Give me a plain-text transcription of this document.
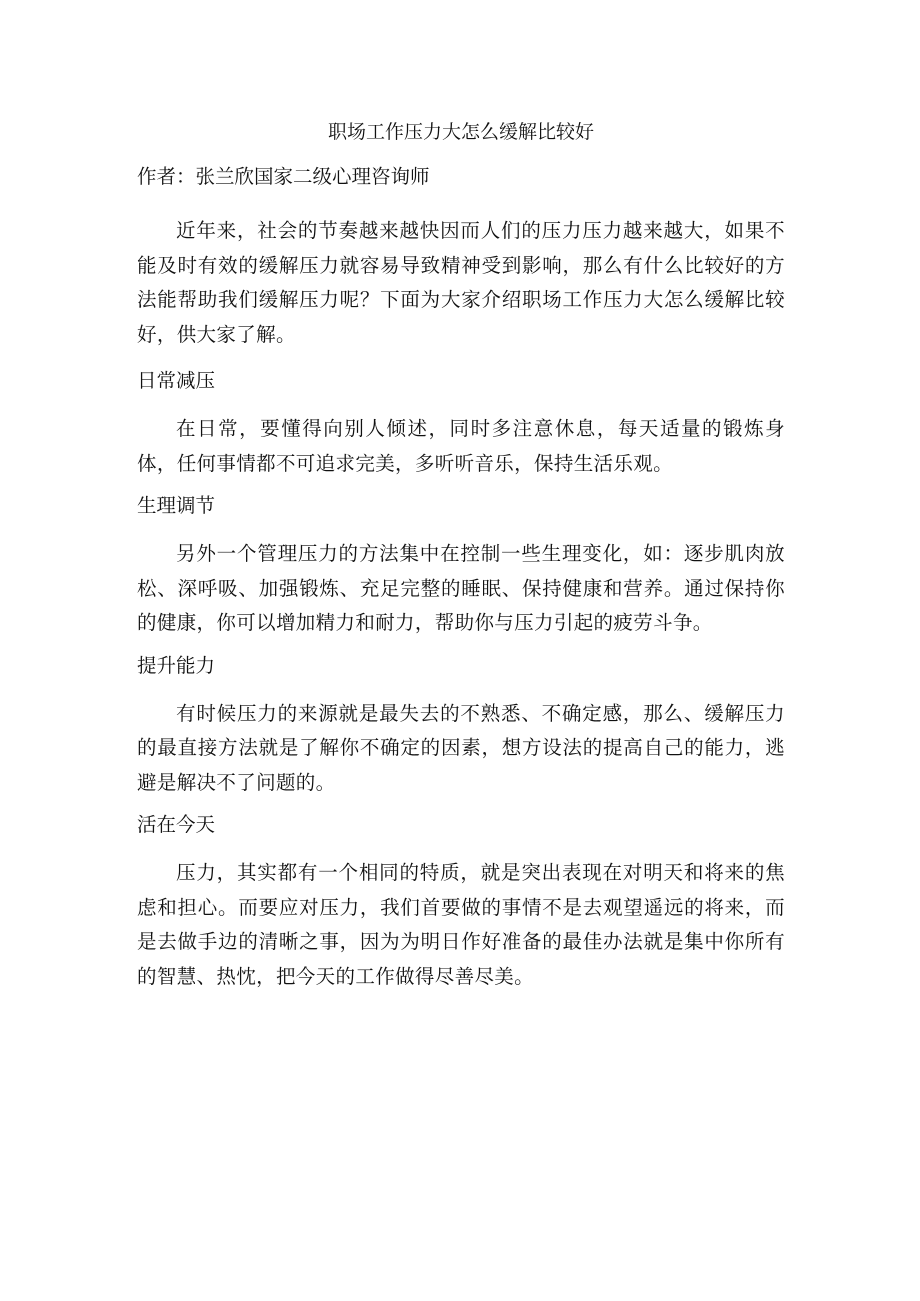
职场工作压力大怎么缓解比较好
作者：张兰欣国家二级心理咨询师

近年来，社会的节奏越来越快因而人们的压力压力越来越大，如果不能及时有效的缓解压力就容易导致精神受到影响，那么有什么比较好的方法能帮助我们缓解压力呢？下面为大家介绍职场工作压力大怎么缓解比较好，供大家了解。

日常减压

在日常，要懂得向别人倾述，同时多注意休息，每天适量的锻炼身体，任何事情都不可追求完美，多听听音乐，保持生活乐观。

生理调节

另外一个管理压力的方法集中在控制一些生理变化，如：逐步肌肉放松、深呼吸、加强锻炼、充足完整的睡眠、保持健康和营养。通过保持你的健康，你可以增加精力和耐力，帮助你与压力引起的疲劳斗争。

提升能力

有时候压力的来源就是最失去的不熟悉、不确定感，那么、缓解压力的最直接方法就是了解你不确定的因素，想方设法的提高自己的能力，逃避是解决不了问题的。

活在今天

压力，其实都有一个相同的特质，就是突出表现在对明天和将来的焦虑和担心。而要应对压力，我们首要做的事情不是去观望遥远的将来，而是去做手边的清晰之事，因为为明日作好准备的最佳办法就是集中你所有的智慧、热忱，把今天的工作做得尽善尽美。
